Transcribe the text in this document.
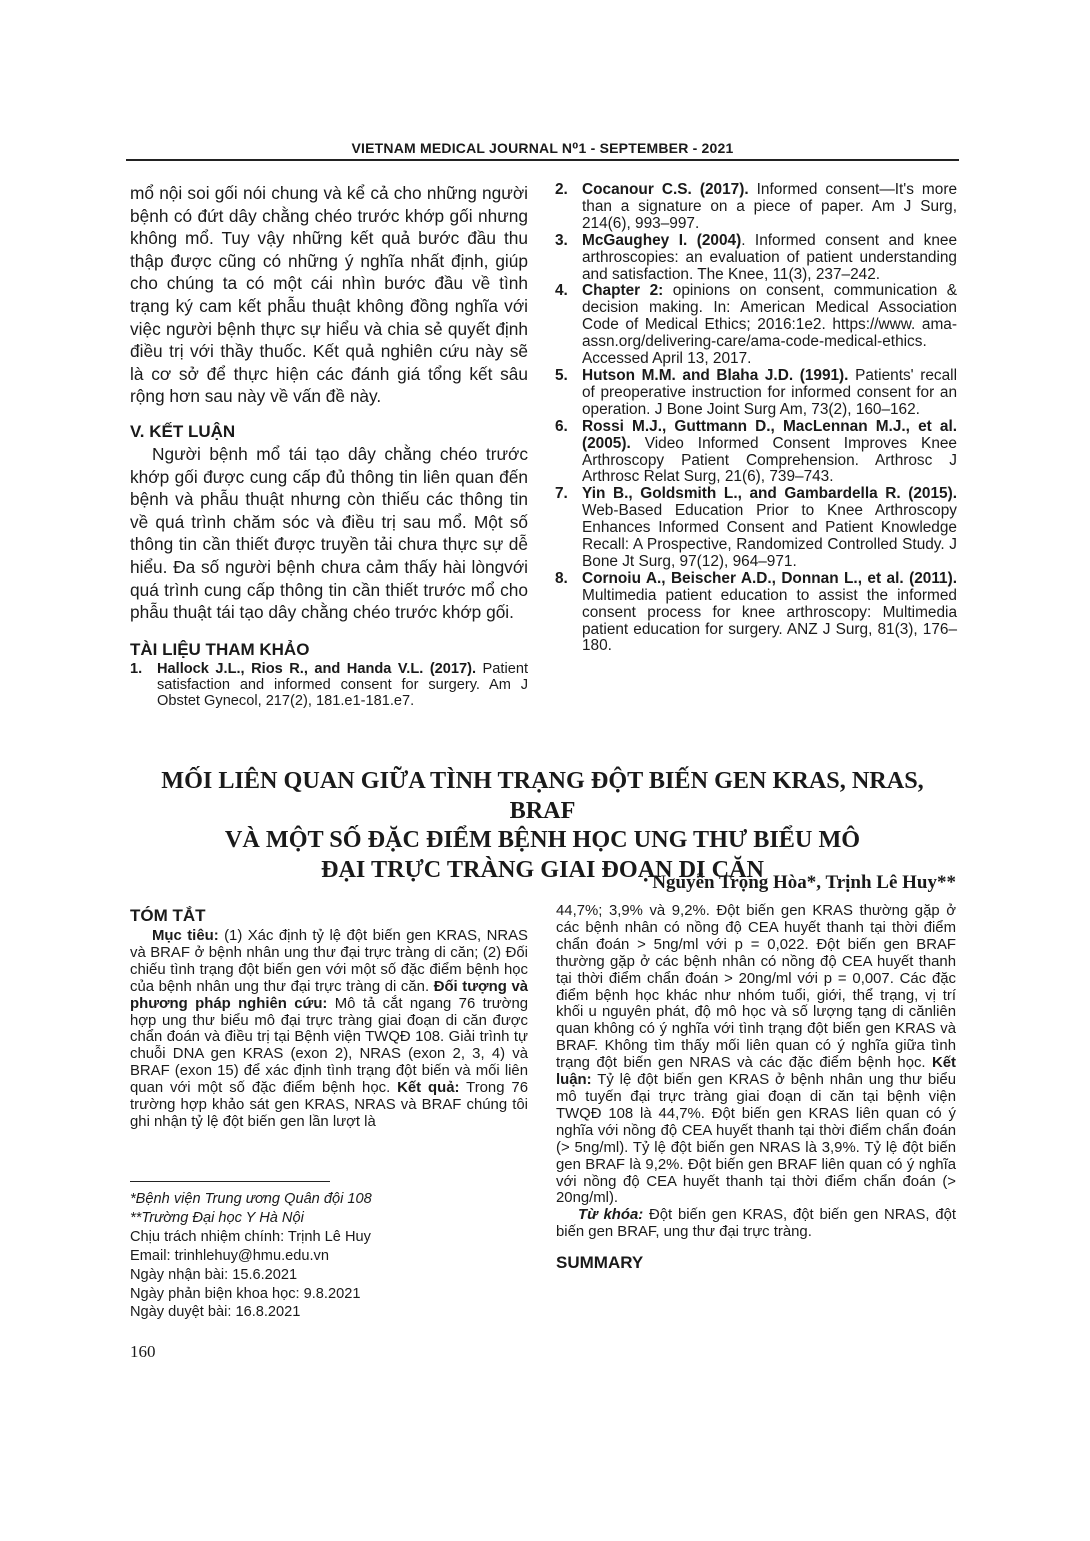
VIETNAM MEDICAL JOURNAL N⁰1 - SEPTEMBER - 2021

mổ nội soi gối nói chung và kể cả cho những người bệnh có đứt dây chằng chéo trước khớp gối nhưng không mổ. Tuy vậy những kết quả bước đầu thu thập được cũng có những ý nghĩa nhất định, giúp cho chúng ta có một cái nhìn bước đầu về tình trạng ký cam kết phẫu thuật không đồng nghĩa với việc người bệnh thực sự hiểu và chia sẻ quyết định điều trị với thầy thuốc. Kết quả nghiên cứu này sẽ là cơ sở để thực hiện các đánh giá tổng kết sâu rộng hơn sau này về vấn đề này.

V. KẾT LUẬN

Người bệnh mổ tái tạo dây chằng chéo trước khớp gối được cung cấp đủ thông tin liên quan đến bệnh và phẫu thuật nhưng còn thiếu các thông tin về quá trình chăm sóc và điều trị sau mổ. Một số thông tin cần thiết được truyền tải chưa thực sự dễ hiểu. Đa số người bệnh chưa cảm thấy hài lòngvới quá trình cung cấp thông tin cần thiết trước mổ cho phẫu thuật tái tạo dây chằng chéo trước khớp gối.

TÀI LIỆU THAM KHẢO
1. Hallock J.L., Rios R., and Handa V.L. (2017). Patient satisfaction and informed consent for surgery. Am J Obstet Gynecol, 217(2), 181.e1-181.e7.
2. Cocanour C.S. (2017). Informed consent—It's more than a signature on a piece of paper. Am J Surg, 214(6), 993–997.
3. McGaughey I. (2004). Informed consent and knee arthroscopies: an evaluation of patient understanding and satisfaction. The Knee, 11(3), 237–242.
4. Chapter 2: opinions on consent, communication & decision making. In: American Medical Association Code of Medical Ethics; 2016:1e2. https://www. ama-assn.org/delivering-care/ama-code-medical-ethics. Accessed April 13, 2017.
5. Hutson M.M. and Blaha J.D. (1991). Patients' recall of preoperative instruction for informed consent for an operation. J Bone Joint Surg Am, 73(2), 160–162.
6. Rossi M.J., Guttmann D., MacLennan M.J., et al. (2005). Video Informed Consent Improves Knee Arthroscopy Patient Comprehension. Arthrosc J Arthrosc Relat Surg, 21(6), 739–743.
7. Yin B., Goldsmith L., and Gambardella R. (2015). Web-Based Education Prior to Knee Arthroscopy Enhances Informed Consent and Patient Knowledge Recall: A Prospective, Randomized Controlled Study. J Bone Jt Surg, 97(12), 964–971.
8. Cornoiu A., Beischer A.D., Donnan L., et al. (2011). Multimedia patient education to assist the informed consent process for knee arthroscopy: Multimedia patient education for surgery. ANZ J Surg, 81(3), 176–180.
MỐI LIÊN QUAN GIỮA TÌNH TRẠNG ĐỘT BIẾN GEN KRAS, NRAS, BRAF
VÀ MỘT SỐ ĐẶC ĐIỂM BỆNH HỌC UNG THƯ BIỂU MÔ
ĐẠI TRỰC TRÀNG GIAI ĐOẠN DI CĂN
Nguyễn Trọng Hòa*, Trịnh Lê Huy**
TÓM TẮT

Mục tiêu: (1) Xác định tỷ lệ đột biến gen KRAS, NRAS và BRAF ở bệnh nhân ung thư đại trực tràng di căn; (2) Đối chiếu tình trạng đột biến gen với một số đặc điểm bệnh học của bệnh nhân ung thư đại trực tràng di căn. Đối tượng và phương pháp nghiên cứu: Mô tả cắt ngang 76 trường hợp ung thư biểu mô đại trực tràng giai đoạn di căn được chẩn đoán và điều trị tại Bệnh viện TWQĐ 108. Giải trình tự chuỗi DNA gen KRAS (exon 2), NRAS (exon 2, 3, 4) và BRAF (exon 15) để xác định tình trạng đột biến và mối liên quan với một số đặc điểm bệnh học. Kết quả: Trong 76 trường hợp khảo sát gen KRAS, NRAS và BRAF chúng tôi ghi nhận tỷ lệ đột biến gen lần lượt là

*Bệnh viện Trung ương Quân đội 108
**Trường Đại học Y Hà Nội
Chịu trách nhiệm chính: Trịnh Lê Huy
Email: trinhlehuy@hmu.edu.vn
Ngày nhận bài: 15.6.2021
Ngày phản biện khoa học: 9.8.2021
Ngày duyệt bài: 16.8.2021

44,7%; 3,9% và 9,2%. Đột biến gen KRAS thường gặp ở các bệnh nhân có nồng độ CEA huyết thanh tại thời điểm chẩn đoán > 5ng/ml với p = 0,022. Đột biến gen BRAF thường gặp ở các bệnh nhân có nồng độ CEA huyết thanh tại thời điểm chẩn đoán > 20ng/ml với p = 0,007. Các đặc điểm bệnh học khác như nhóm tuổi, giới, thể trạng, vị trí khối u nguyên phát, độ mô học và số lượng tạng di cănliên quan không có ý nghĩa với tình trạng đột biến gen KRAS và BRAF. Không tìm thấy mối liên quan có ý nghĩa giữa tình trạng đột biến gen NRAS và các đặc điểm bệnh học. Kết luận: Tỷ lệ đột biến gen KRAS ở bệnh nhân ung thư biểu mô tuyến đại trực tràng giai đoạn di căn tại bệnh viện TWQĐ 108 là 44,7%. Đột biến gen KRAS liên quan có ý nghĩa với nồng độ CEA huyết thanh tại thời điểm chẩn đoán (> 5ng/ml). Tỷ lệ đột biến gen NRAS là 3,9%. Tỷ lệ đột biến gen BRAF là 9,2%. Đột biến gen BRAF liên quan có ý nghĩa với nồng độ CEA huyết thanh tại thời điểm chẩn đoán (> 20ng/ml).

Từ khóa: Đột biến gen KRAS, đột biến gen NRAS, đột biến gen BRAF, ung thư đại trực tràng.

SUMMARY
160
